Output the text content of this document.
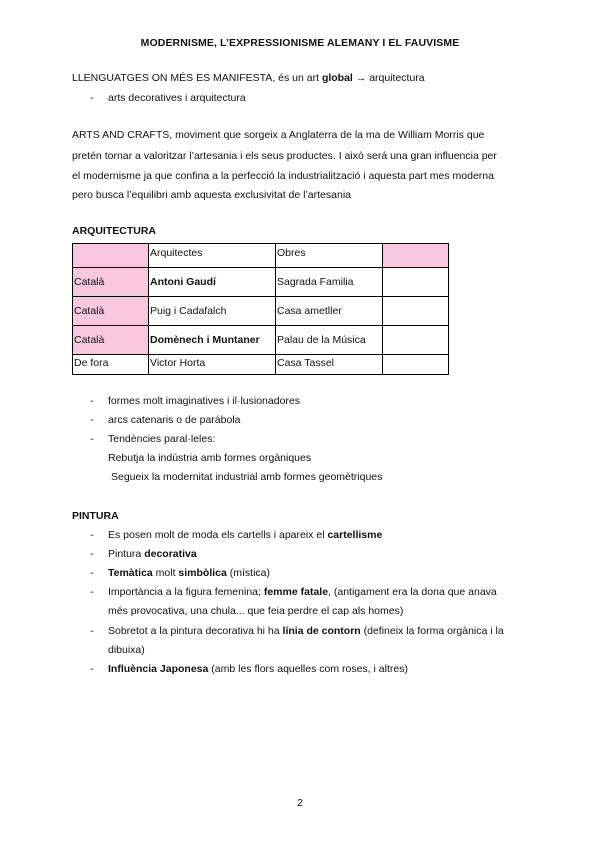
MODERNISME, L’EXPRESSIONISME ALEMANY I EL FAUVISME
LLENGUATGES ON MÉS ES MANIFESTA, és un art global → arquitectura
- arts decoratives i arquitectura
ARTS AND CRAFTS, moviment que sorgeix a Anglaterra de la ma de William Morris que
pretén tornar a valoritzar l’artesania i els seus productes. I això será una gran influencia per
el modernisme ja que confina a la perfecció la industrialització i aquesta part mes moderna
pero busca l’equilibri amb aquesta exclusivitat de l’artesania
ARQUITECTURA
	Arquitectes	Obres	
Català	Antoni Gaudí	Sagrada Familia	
Català	Puig i Cadafalch	Casa ametller	
Català	Domènech i Muntaner	Palau de la Música	
De fora	Victor Horta	Casa Tassel	
- formes molt imaginatives i il·lusionadores
- arcs catenaris o de parábola
- Tendències paral·leles:
Rebutja la indústria amb formes orgàniques
Segueix la modernitat industrial amb formes geomètriques
PINTURA
- Es posen molt de moda els cartells i apareix el cartellisme
- Pintura decorativa
- Temàtica molt simbòlica (mística)
- Importància a la figura femenina; femme fatale, (antigament era la dona que anava
més provocativa, una chula... que feia perdre el cap als homes)
- Sobretot a la pintura decorativa hi ha línia de contorn (defineix la forma orgànica i la
dibuixa)
- Influència Japonesa (amb les flors aquelles com roses, i altres)
2
